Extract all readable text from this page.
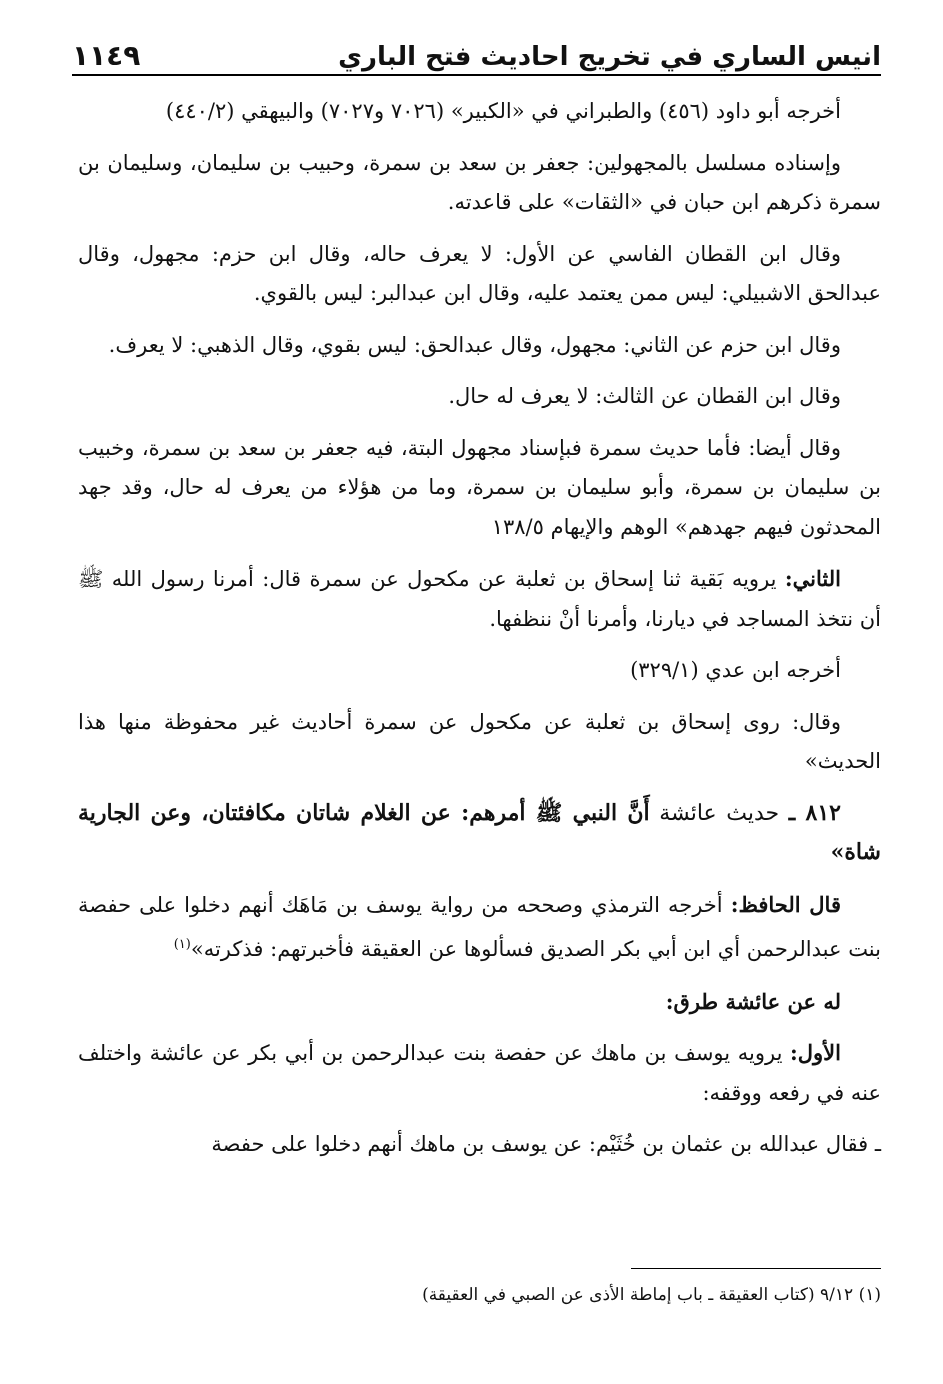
١١٤٩	انيس الساري في تخريج احاديث فتح الباري

أخرجه أبو داود (٤٥٦) والطبراني في «الكبير» (٧٠٢٦ و٧٠٢٧) والبيهقي (٤٤٠/٢)

وإسناده مسلسل بالمجهولين: جعفر بن سعد بن سمرة، وحبيب بن سليمان، وسليمان بن سمرة ذكرهم ابن حبان في «الثقات» على قاعدته.

وقال ابن القطان الفاسي عن الأول: لا يعرف حاله، وقال ابن حزم: مجهول، وقال عبدالحق الاشبيلي: ليس ممن يعتمد عليه، وقال ابن عبدالبر: ليس بالقوي.

وقال ابن حزم عن الثاني: مجهول، وقال عبدالحق: ليس بقوي، وقال الذهبي: لا يعرف.

وقال ابن القطان عن الثالث: لا يعرف له حال.

وقال أيضا: فأما حديث سمرة فبإسناد مجهول البتة، فيه جعفر بن سعد بن سمرة، وخبيب بن سليمان بن سمرة، وأبو سليمان بن سمرة، وما من هؤلاء من يعرف له حال، وقد جهد المحدثون فيهم جهدهم» الوهم والإيهام ١٣٨/٥

الثاني: يرويه بَقية ثنا إسحاق بن ثعلبة عن مكحول عن سمرة قال: أمرنا رسول الله ﷺ أن نتخذ المساجد في ديارنا، وأمرنا أنْ ننظفها.

أخرجه ابن عدي (٣٢٩/١)

وقال: روى إسحاق بن ثعلبة عن مكحول عن سمرة أحاديث غير محفوظة منها هذا الحديث»

٨١٢ ـ حديث عائشة أَنَّ النبي ﷺ أمرهم: عن الغلام شاتان مكافئتان، وعن الجارية شاة»

قال الحافظ: أخرجه الترمذي وصححه من رواية يوسف بن مَاهَك أنهم دخلوا على حفصة بنت عبدالرحمن أي ابن أبي بكر الصديق فسألوها عن العقيقة فأخبرتهم: فذكرته»$^{(١)}$

له عن عائشة طرق:

الأول: يرويه يوسف بن ماهك عن حفصة بنت عبدالرحمن بن أبي بكر عن عائشة واختلف عنه في رفعه ووقفه:

ـ فقال عبدالله بن عثمان بن خُثَيْم: عن يوسف بن ماهك أنهم دخلوا على حفصة

(١) ٩/١٢ (كتاب العقيقة ـ باب إماطة الأذى عن الصبي في العقيقة)
